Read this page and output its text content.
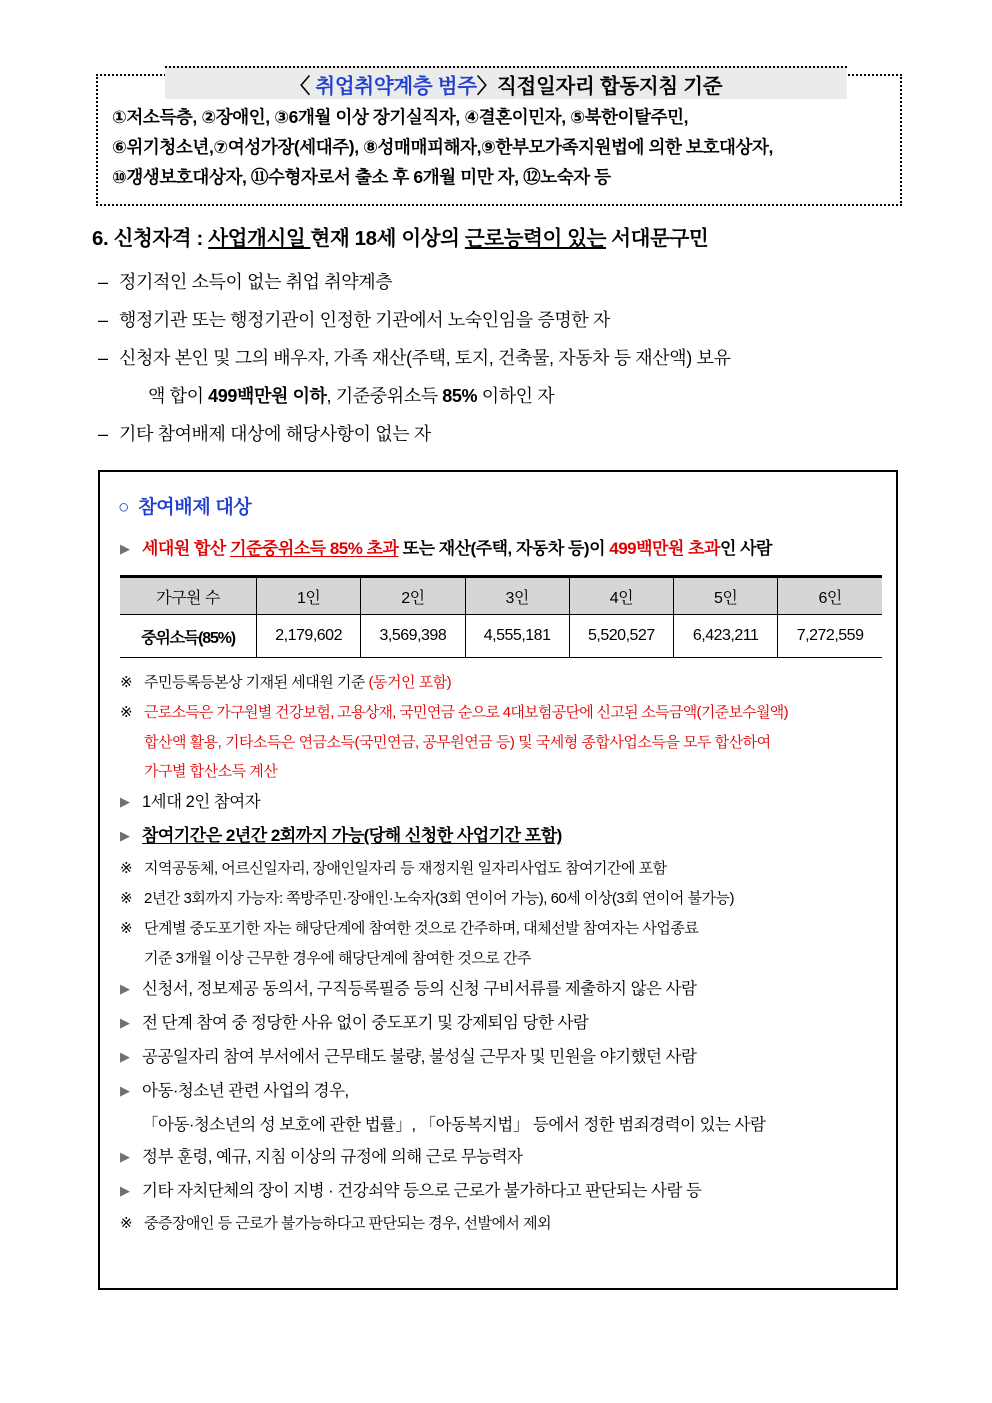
①저소득층, ②장애인, ③6개월 이상 장기실직자, ④결혼이민자, ⑤북한이탈주민,
⑥위기청소년,⑦여성가장(세대주), ⑧성매매피해자,⑨한부모가족지원법에 의한 보호대상자,
⑩갱생보호대상자, ⑪수형자로서 출소 후 6개월 미만 자, ⑫노숙자 등
〈 취업취약계층 범주〉직접일자리 합동지침 기준
6. 신청자격 : 사업개시일 현재 18세 이상의 근로능력이 있는 서대문구민
– 정기적인 소득이 없는 취업 취약계층
– 행정기관 또는 행정기관이 인정한 기관에서 노숙인임을 증명한 자
– 신청자 본인 및 그의 배우자, 가족 재산(주택, 토지, 건축물, 자동차 등 재산액) 보유
액 합이 499백만원 이하, 기준중위소득 85% 이하인 자
– 기타 참여배제 대상에 해당사항이 없는 자
○ 참여배제 대상
▶ 세대원 합산 기준중위소득 85% 초과 또는 재산(주택, 자동차 등)이 499백만원 초과인 사람
가구원 수	1인	2인	3인	4인	5인	6인
중위소득(85%)	2,179,602	3,569,398	4,555,181	5,520,527	6,423,211	7,272,559
※ 주민등록등본상 기재된 세대원 기준 (동거인 포함)
※ 근로소득은 가구원별 건강보험, 고용상재, 국민연금 순으로 4대보험공단에 신고된 소득금액(기준보수월액)
합산액 활용, 기타소득은 연금소득(국민연금, 공무원연금 등) 및 국세형 종합사업소득을 모두 합산하여
가구별 합산소득 계산
▶ 1세대 2인 참여자
▶ 참여기간은 2년간 2회까지 가능(당해 신청한 사업기간 포함)
※ 지역공동체, 어르신일자리, 장애인일자리 등 재정지원 일자리사업도 참여기간에 포함
※ 2년간 3회까지 가능자: 쪽방주민·장애인·노숙자(3회 연이어 가능), 60세 이상(3회 연이어 불가능)
※ 단계별 중도포기한 자는 해당단계에 참여한 것으로 간주하며, 대체선발 참여자는 사업종료
기준 3개월 이상 근무한 경우에 해당단계에 참여한 것으로 간주
▶ 신청서, 정보제공 동의서, 구직등록필증 등의 신청 구비서류를 제출하지 않은 사람
▶ 전 단계 참여 중 정당한 사유 없이 중도포기 및 강제퇴임 당한 사람
▶ 공공일자리 참여 부서에서 근무태도 불량, 불성실 근무자 및 민원을 야기했던 사람
▶ 아동·청소년 관련 사업의 경우,
「아동·청소년의 성 보호에 관한 법률」, 「아동복지법」 등에서 정한 범죄경력이 있는 사람
▶ 정부 훈령, 예규, 지침 이상의 규정에 의해 근로 무능력자
▶ 기타 자치단체의 장이 지병 · 건강쇠약 등으로 근로가 불가하다고 판단되는 사람 등
※ 중증장애인 등 근로가 불가능하다고 판단되는 경우, 선발에서 제외
